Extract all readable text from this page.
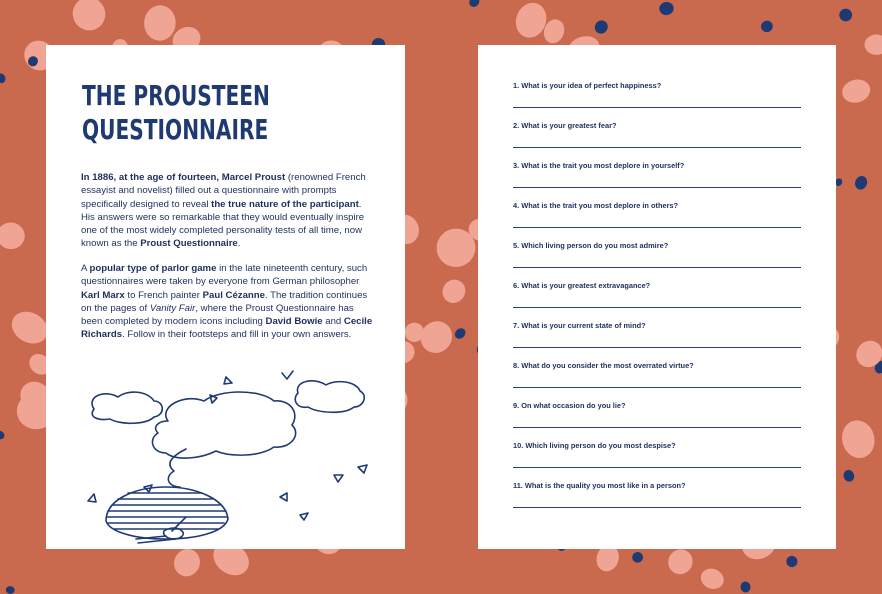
THE PROUSTEEN
QUESTIONNAIRE
In 1886, at the age of fourteen, Marcel Proust (renowned French essayist and novelist) filled out a questionnaire with prompts specifically designed to reveal the true nature of the participant. His answers were so remarkable that they would eventually inspire one of the most widely completed personality tests of all time, now known as the Proust Questionnaire.
A popular type of parlor game in the late nineteenth century, such questionnaires were taken by everyone from German philosopher Karl Marx to French painter Paul Cézanne. The tradition continues on the pages of Vanity Fair, where the Proust Questionnaire has been completed by modern icons including David Bowie and Cecile Richards. Follow in their footsteps and fill in your own answers.
1. What is your idea of perfect happiness?
2. What is your greatest fear?
3. What is the trait you most deplore in yourself?
4. What is the trait you most deplore in others?
5. Which living person do you most admire?
6. What is your greatest extravagance?
7. What is your current state of mind?
8. What do you consider the most overrated virtue?
9. On what occasion do you lie?
10. Which living person do you most despise?
11. What is the quality you most like in a person?
